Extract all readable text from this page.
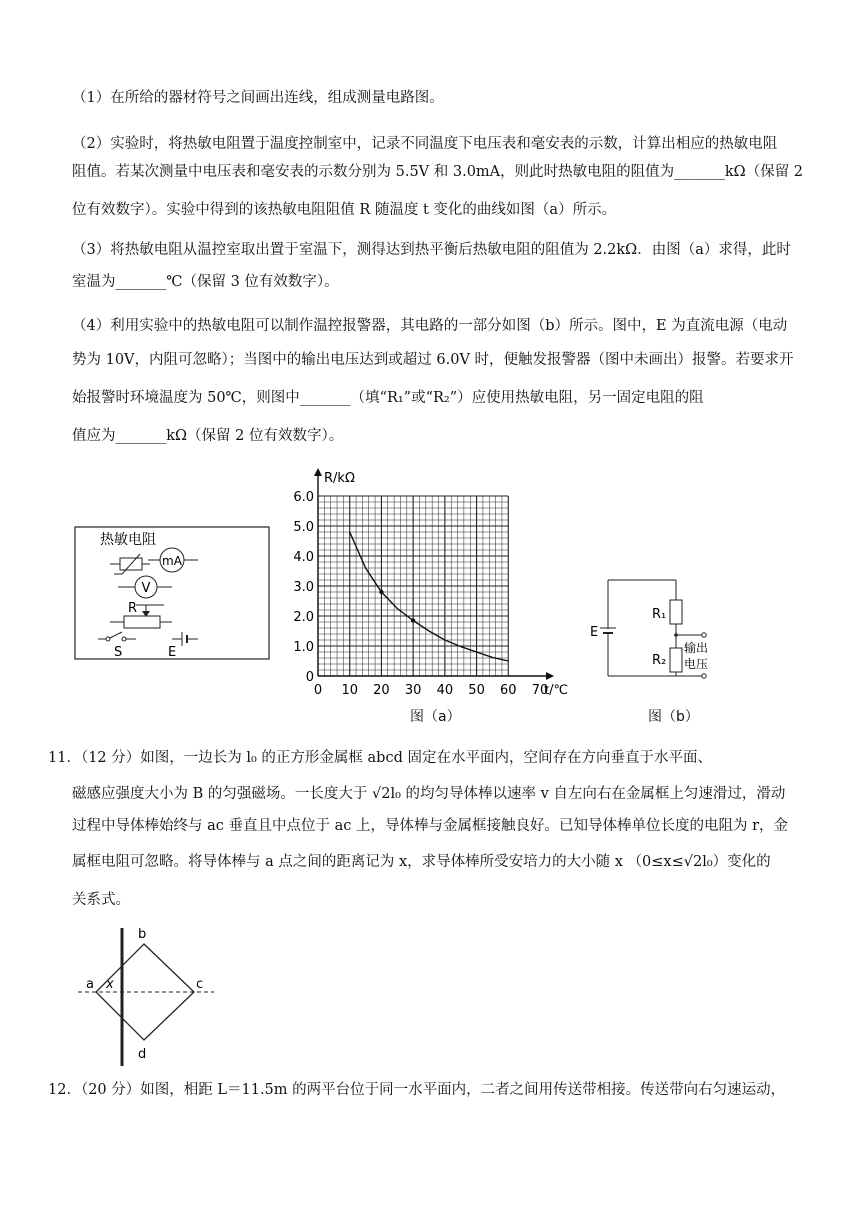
（1）在所给的器材符号之间画出连线，组成测量电路图。
（2）实验时，将热敏电阻置于温度控制室中，记录不同温度下电压表和毫安表的示数，计算出相应的热敏电阻
阻值。若某次测量中电压表和毫安表的示数分别为 5.5V 和 3.0mA，则此时热敏电阻的阻值为_______kΩ（保留 2
位有效数字）。实验中得到的该热敏电阻阻值 R 随温度 t 变化的曲线如图（a）所示。
（3）将热敏电阻从温控室取出置于室温下，测得达到热平衡后热敏电阻的阻值为 2.2kΩ．由图（a）求得，此时
室温为_______℃（保留 3 位有效数字）。
（4）利用实验中的热敏电阻可以制作温控报警器，其电路的一部分如图（b）所示。图中，E 为直流电源（电动
势为 10V，内阻可忽略）；当图中的输出电压达到或超过 6.0V 时，便触发报警器（图中未画出）报警。若要求开
始报警时环境温度为 50℃，则图中_______（填“R₁”或“R₂”）应使用热敏电阻，另一固定电阻的阻
值应为_______kΩ（保留 2 位有效数字）。
热敏电阻
mA
V
R
S	E
0 10 20 30 40 50 60 70
0
1.0
2.0
3.0
4.0
5.0
6.0
R/kΩ
t/℃
图（a）
E
R₁
R₂
输出
电压
图（b）
11．（12 分）如图，一边长为 l₀ 的正方形金属框 abcd 固定在水平面内，空间存在方向垂直于水平面、
磁感应强度大小为 B 的匀强磁场。一长度大于 √2l₀ 的均匀导体棒以速率 v 自左向右在金属框上匀速滑过，滑动
过程中导体棒始终与 ac 垂直且中点位于 ac 上，导体棒与金属框接触良好。已知导体棒单位长度的电阻为 r，金
属框电阻可忽略。将导体棒与 a 点之间的距离记为 x，求导体棒所受安培力的大小随 x （0≤x≤√2l₀）变化的
关系式。
a
b
c
d
x
12．（20 分）如图，相距 L＝11.5m 的两平台位于同一水平面内，二者之间用传送带相接。传送带向右匀速运动，
